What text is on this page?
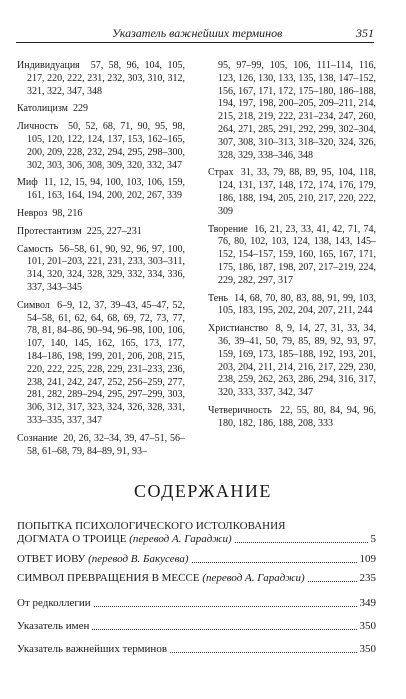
Указатель важнейших терминов	351

Индивидуация 57, 58, 96, 104, 105, 217, 220, 222, 231, 232, 303, 310, 312, 321, 322, 347, 348

Католицизм 229

Личность 50, 52, 68, 71, 90, 95, 98, 105, 120, 122, 124, 137, 153, 162–165, 200, 209, 228, 232, 294, 295, 298–300, 302, 303, 306, 308, 309, 320, 332, 347

Миф 11, 12, 15, 94, 100, 103, 106, 159, 161, 163, 164, 194, 200, 202, 267, 339

Невроз 98, 216

Протестантизм 225, 227–231

Самость 56–58, 61, 90, 92, 96, 97, 100, 101, 201–203, 221, 231, 233, 303–311, 314, 320, 324, 328, 329, 332, 334, 336, 337, 343–345

Символ 6–9, 12, 37, 39–43, 45–47, 52, 54–58, 61, 62, 64, 68, 69, 72, 73, 77, 78, 81, 84–86, 90–94, 96–98, 100, 106, 107, 140, 145, 162, 165, 173, 177, 184–186, 198, 199, 201, 206, 208, 215, 220, 222, 225, 228, 229, 231–233, 236, 238, 241, 242, 247, 252, 256–259, 277, 281, 282, 289–294, 295, 297–299, 303, 306, 312, 317, 323, 324, 326, 328, 331, 333–335, 337, 347

Сознание 20, 26, 32–34, 39, 47–51, 56–58, 61–68, 79, 84–89, 91, 93–

95, 97–99, 105, 106, 111–114, 116, 123, 126, 130, 133, 135, 138, 147–152, 156, 167, 171, 172, 175–180, 186–188, 194, 197, 198, 200–205, 209–211, 214, 215, 218, 219, 222, 231–234, 247, 260, 264, 271, 285, 291, 292, 299, 302–304, 307, 308, 310–313, 318–320, 324, 326, 328, 329, 338–346, 348

Страх 31, 33, 79, 88, 89, 95, 104, 118, 124, 131, 137, 148, 172, 174, 176, 179, 186, 188, 194, 205, 210, 217, 220, 222, 309

Творение 16, 21, 23, 33, 41, 42, 71, 74, 76, 80, 102, 103, 124, 138, 143, 145–152, 154–157, 159, 160, 165, 167, 171, 175, 186, 187, 198, 207, 217–219, 224, 229, 282, 297, 317

Тень 14, 68, 70, 80, 83, 88, 91, 99, 103, 105, 183, 195, 202, 204, 207, 211, 244

Христианство 8, 9, 14, 27, 31, 33, 34, 36, 39–41, 50, 79, 85, 89, 92, 93, 97, 159, 169, 173, 185–188, 192, 193, 201, 203, 204, 211, 214, 216, 217, 229, 230, 238, 259, 262, 263, 286, 294, 316, 317, 320, 333, 337, 342, 347

Четверичность 22, 55, 80, 84, 94, 96, 180, 182, 186, 188, 208, 333

СОДЕРЖАНИЕ
ПОПЫТКА ПСИХОЛОГИЧЕСКОГО ИСТОЛКОВАНИЯ
ДОГМАТА О ТРОИЦЕ (перевод А. Гараджи)	5
ОТВЕТ ИОВУ (перевод В. Бакусева)	109
СИМВОЛ ПРЕВРАЩЕНИЯ В МЕССЕ (перевод А. Гараджи)	235
От редколлегии	349
Указатель имен	350
Указатель важнейших терминов	350
